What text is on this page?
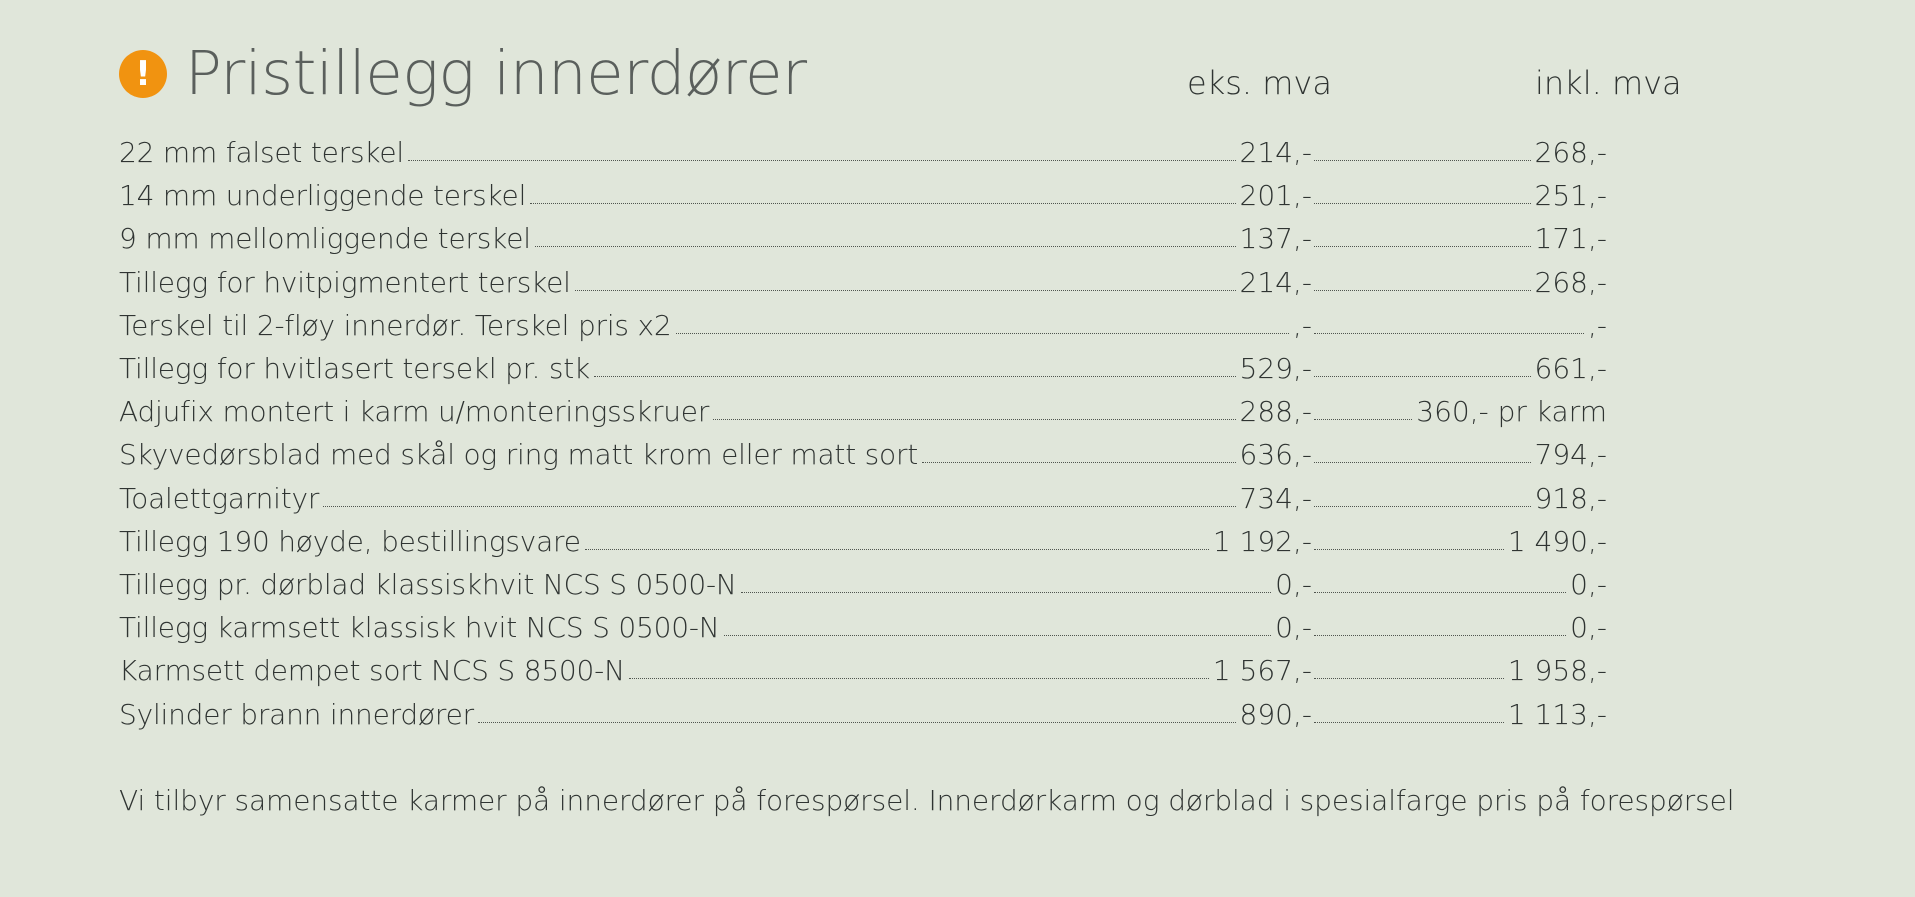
! Pristillegg innerdører	eks. mva	inkl. mva
22 mm falset terskel	214,-	268,-
14 mm underliggende terskel	201,-	251,-
9 mm mellomliggende terskel	137,-	171,-
Tillegg for hvitpigmentert terskel	214,-	268,-
Terskel til 2-fløy innerdør. Terskel pris x2	,-	,-
Tillegg for hvitlasert tersekl pr. stk	529,-	661,-
Adjufix montert i karm u/monteringsskruer	288,-	360,- pr karm
Skyvedørsblad med skål og ring matt krom eller matt sort	636,-	794,-
Toalettgarnityr	734,-	918,-
Tillegg 190 høyde, bestillingsvare	1 192,-	1 490,-
Tillegg pr. dørblad klassiskhvit NCS S 0500-N	0,-	0,-
Tillegg karmsett klassisk hvit NCS S 0500-N	0,-	0,-
Karmsett dempet sort NCS S 8500-N	1 567,-	1 958,-
Sylinder brann innerdører	890,-	1 113,-
Vi tilbyr samensatte karmer på innerdører på forespørsel. Innerdørkarm og dørblad i spesialfarge pris på forespørsel
